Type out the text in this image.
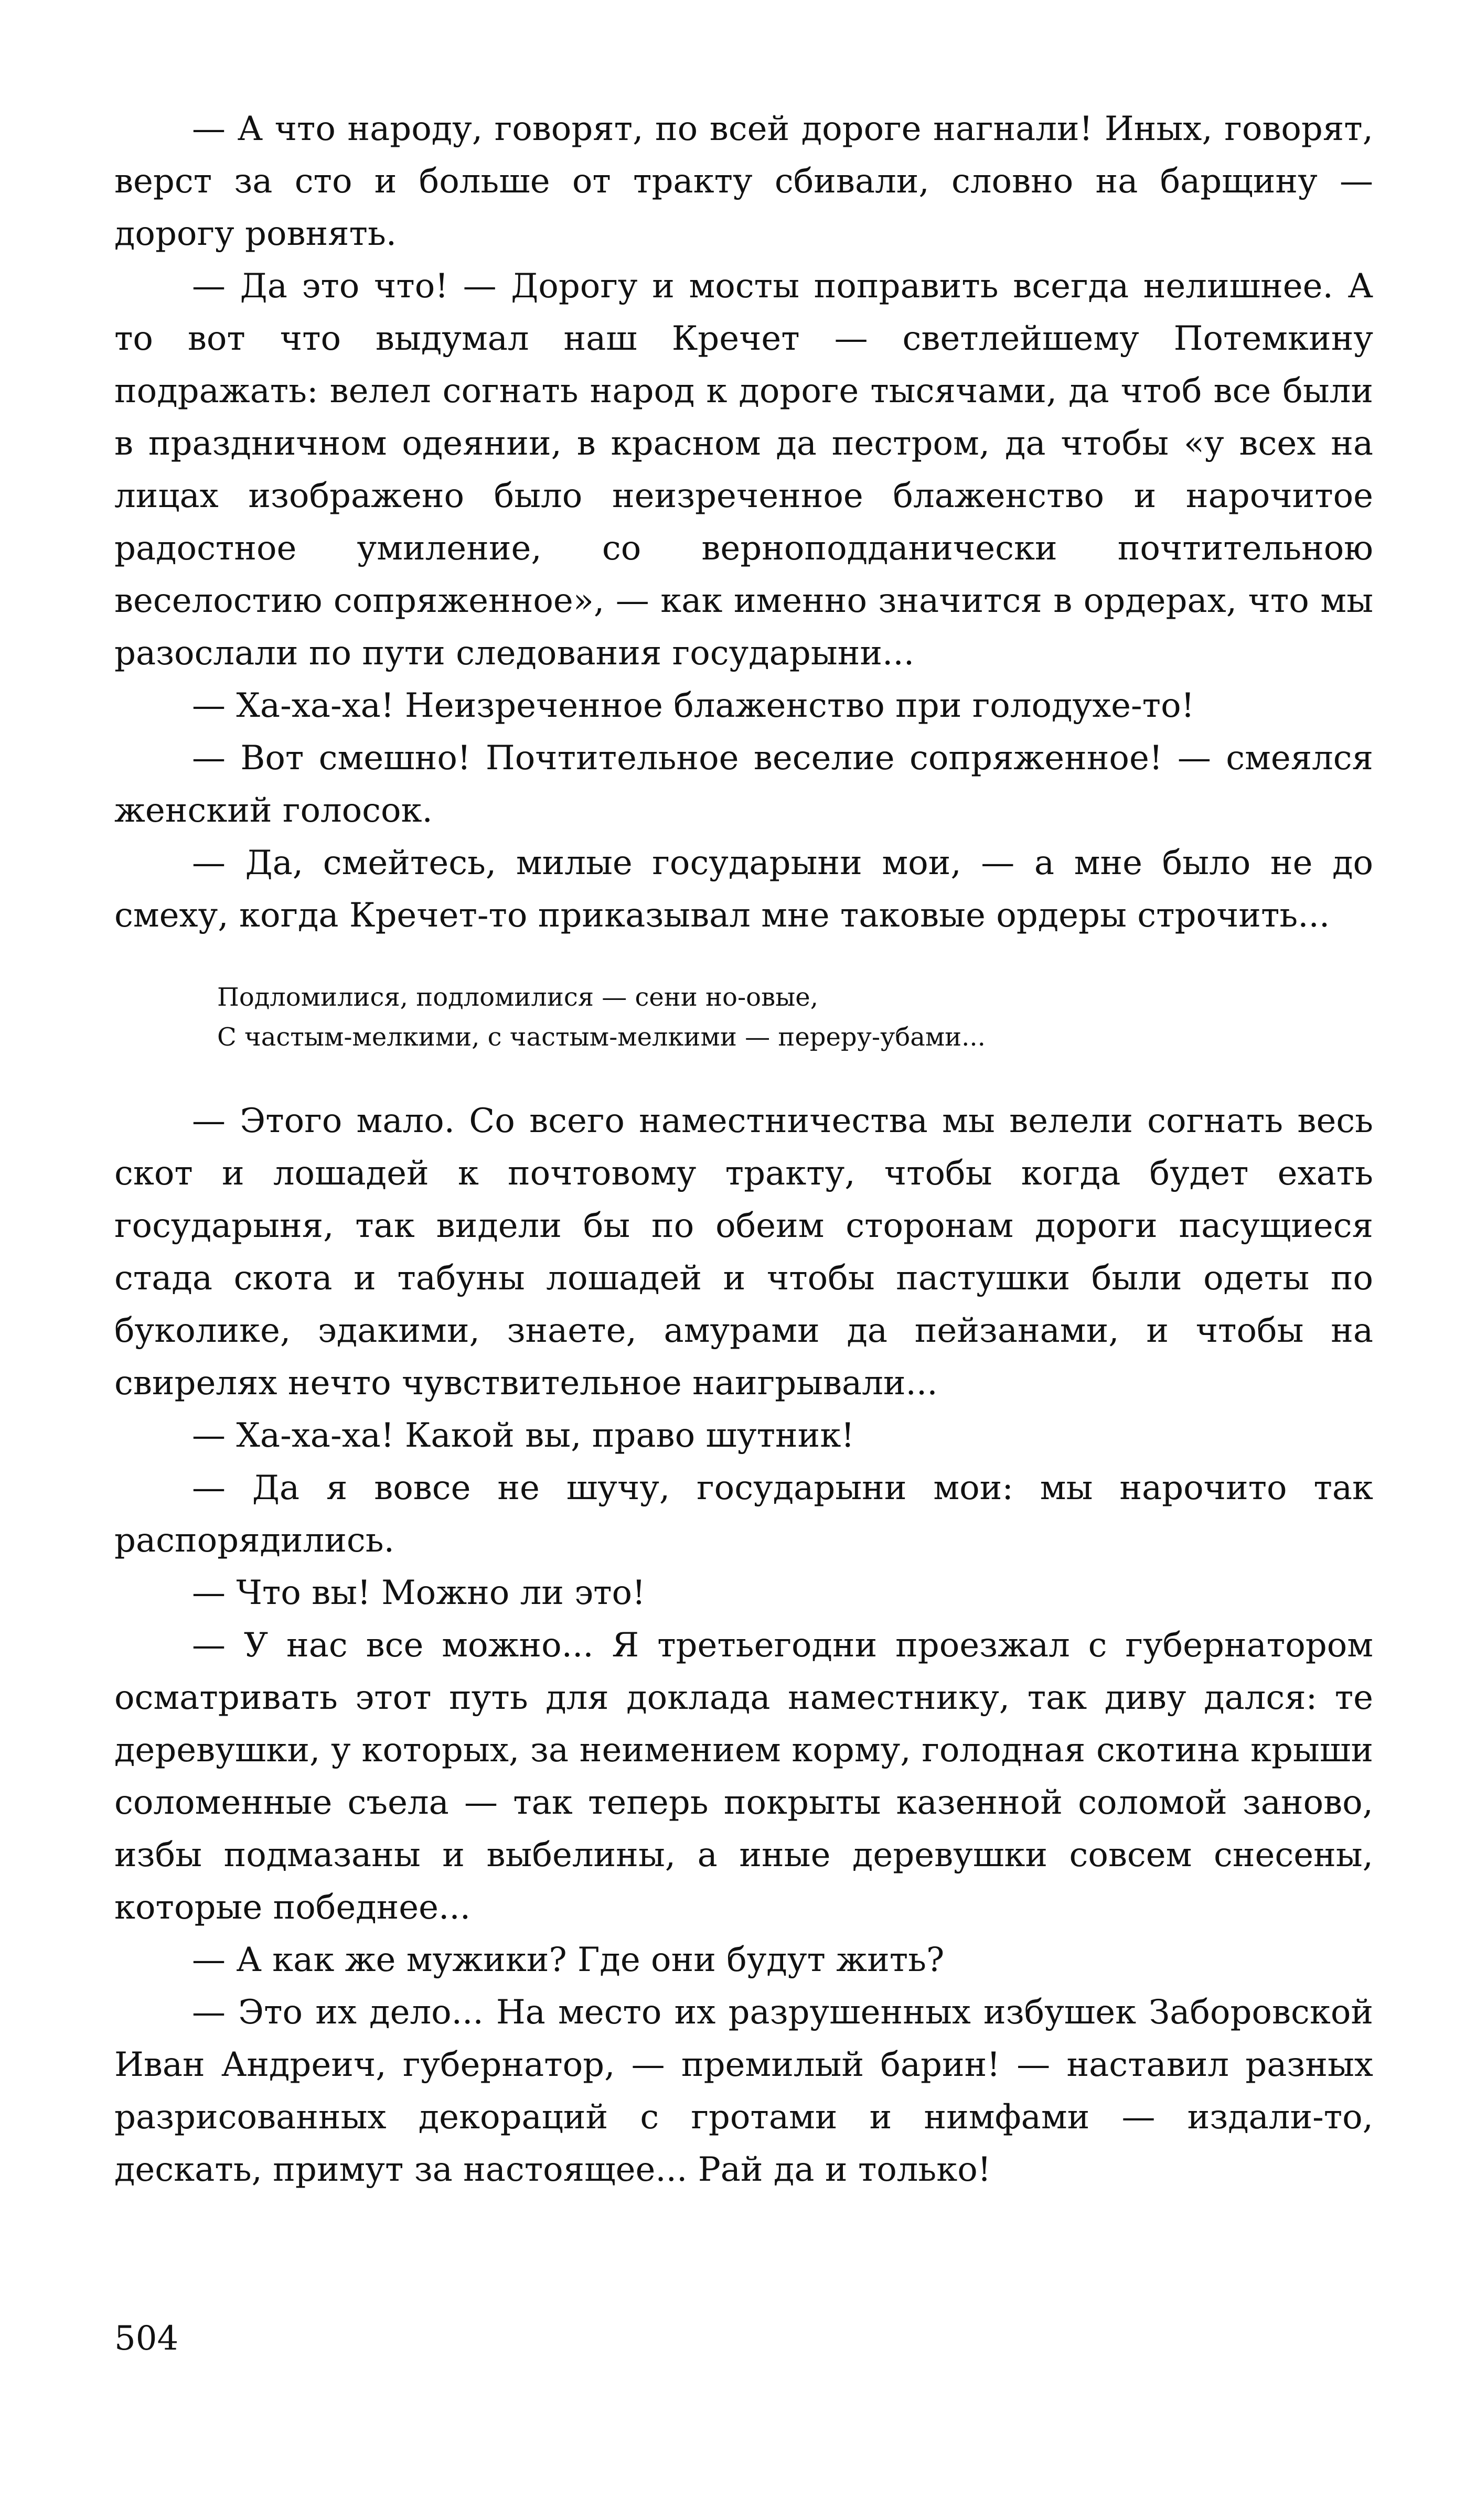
— А что народу, говорят, по всей дороге нагнали! Иных, говорят, верст за сто и больше от тракту сбивали, словно на барщину — дорогу ровнять.

— Да это что! — Дорогу и мосты поправить всегда нелишнее. А то вот что выдумал наш Кречет — светлейшему Потемкину подражать: велел согнать народ к дороге тысячами, да чтоб все были в праздничном одеянии, в красном да пестром, да чтобы «у всех на лицах изображено было неизреченное блаженство и нарочитое радостное умиление, со верноподданически почтительною веселостию сопряженное», — как именно значится в ордерах, что мы разослали по пути следования государыни...

— Ха-ха-ха! Неизреченное блаженство при голодухе-то!

— Вот смешно! Почтительное веселие сопряженное! — смеялся женский голосок.

— Да, смейтесь, милые государыни мои, — а мне было не до смеху, когда Кречет-то приказывал мне таковые ордеры строчить...

Подломилися, подломилися — сени но-овые,

С частым-мелкими, с частым-мелкими — переру-убами...

— Этого мало. Со всего наместничества мы велели согнать весь скот и лошадей к почтовому тракту, чтобы когда будет ехать государыня, так видели бы по обеим сторонам дороги пасущиеся стада скота и табуны лошадей и чтобы пастушки были одеты по буколике, эдакими, знаете, амурами да пейзанами, и чтобы на свирелях нечто чувствительное наигрывали...

— Ха-ха-ха! Какой вы, право шутник!

— Да я вовсе не шучу, государыни мои: мы нарочито так распорядились.

— Что вы! Можно ли это!

— У нас все можно... Я третьегодни проезжал с губернатором осматривать этот путь для доклада наместнику, так диву дался: те деревушки, у которых, за неимением корму, голодная скотина крыши соломенные съела — так теперь покрыты казенной соломой заново, избы подмазаны и выбелины, а иные деревушки совсем снесены, которые победнее...

— А как же мужики? Где они будут жить?

— Это их дело... На место их разрушенных избушек Заборовской Иван Андреич, губернатор, — премилый барин! — наставил разных разрисованных декораций с гротами и нимфами — издали-то, дескать, примут за настоящее... Рай да и только!

504
